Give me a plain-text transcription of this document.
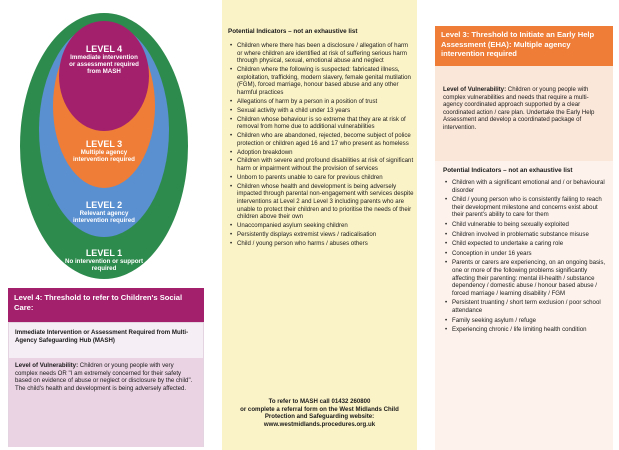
LEVEL 4
Immediate intervention or assessment required from MASH
LEVEL 3
Multiple agency intervention required
LEVEL 2
Relevant agency intervention required
LEVEL 1
No intervention or support required
Level 4: Threshold to refer to Children's Social Care:
Immediate Intervention or Assessment Required from Multi-Agency Safeguarding Hub (MASH)
Level of Vulnerability: Children or young people with very complex needs OR "I am extremely concerned for their safety based on evidence of abuse or neglect or disclosure by the child". The child's health and development is being adversely affected.
Potential Indicators – not an exhaustive list
• Children where there has been a disclosure / allegation of harm or where children are identified at risk of suffering serious harm through physical, sexual, emotional abuse and neglect
• Children where the following is suspected: fabricated illness, exploitation, trafficking, modern slavery, female genital mutilation (FGM), forced marriage, honour based abuse and any other harmful practices
• Allegations of harm by a person in a position of trust
• Sexual activity with a child under 13 years
• Children whose behaviour is so extreme that they are at risk of removal from home due to additional vulnerabilities
• Children who are abandoned, rejected, become subject of police protection or children aged 16 and 17 who present as homeless
• Adoption breakdown
• Children with severe and profound disabilities at risk of significant harm or impairment without the provision of services
• Unborn to parents unable to care for previous children
• Children whose health and development is being adversely impacted through parental non-engagement with services despite interventions at Level 2 and Level 3 including parents who are unable to protect their children and to prioritise the needs of their children above their own
• Unaccompanied asylum seeking children
• Persistently displays extremist views / radicalisation
• Child / young person who harms / abuses others
To refer to MASH call 01432 260800
or complete a referral form on the West Midlands Child Protection and Safeguarding website:
www.westmidlands.procedures.org.uk
Level 3: Threshold to Initiate an Early Help Assessment (EHA): Multiple agency intervention required
Level of Vulnerability: Children or young people with complex vulnerabilities and needs that require a multi-agency coordinated approach supported by a clear coordinated action / care plan. Undertake the Early Help Assessment and develop a coordinated package of intervention.
Potential Indicators – not an exhaustive list
• Children with a significant emotional and / or behavioural disorder
• Child / young person who is consistently failing to reach their development milestone and concerns exist about their parent's ability to care for them
• Child vulnerable to being sexually exploited
• Children involved in problematic substance misuse
• Child expected to undertake a caring role
• Conception in under 16 years
• Parents or carers are experiencing, on an ongoing basis, one or more of the following problems significantly affecting their parenting: mental ill-health / substance dependency / domestic abuse / honour based abuse / forced marriage / learning disability / FGM
• Persistent truanting / short term exclusion / poor school attendance
• Family seeking asylum / refuge
• Experiencing chronic / life limiting health condition
